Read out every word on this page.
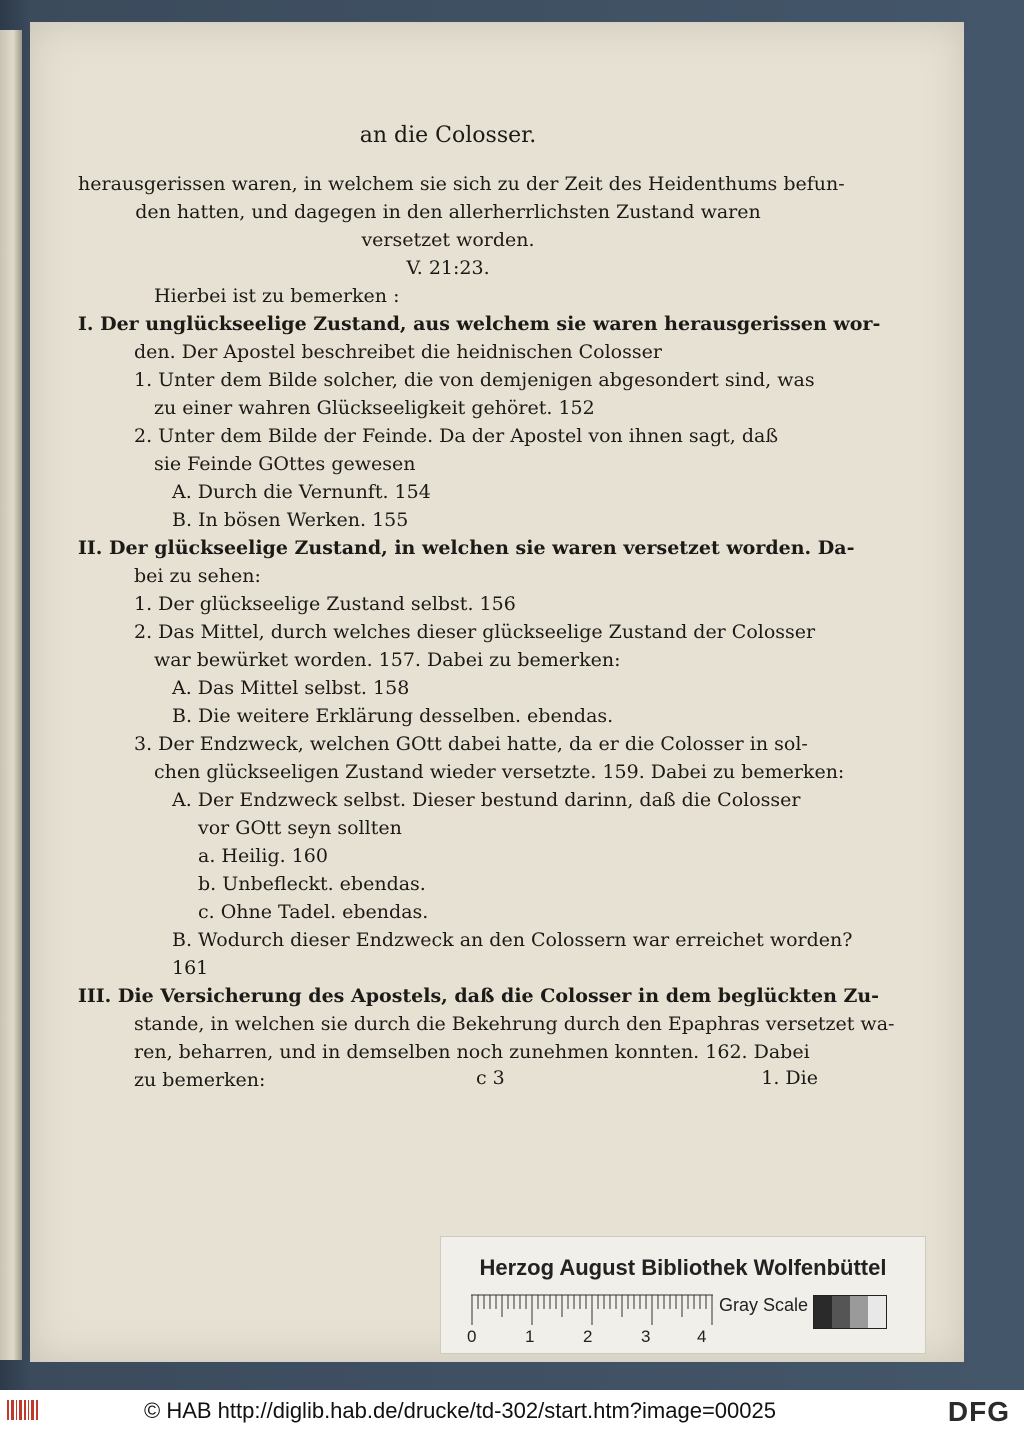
an die Colosser.
herausgerissen waren, in welchem sie sich zu der Zeit des Heidenthums befun-
den hatten, und dagegen in den allerherrlichsten Zustand waren
versetzet worden.
V. 21:23.
Hierbei ist zu bemerken :
I. Der unglückseelige Zustand, aus welchem sie waren herausgerissen wor-
den. Der Apostel beschreibet die heidnischen Colosser
1. Unter dem Bilde solcher, die von demjenigen abgesondert sind, was
zu einer wahren Glückseeligkeit gehöret. 152
2. Unter dem Bilde der Feinde. Da der Apostel von ihnen sagt, daß
sie Feinde GOttes gewesen
A. Durch die Vernunft. 154
B. In bösen Werken. 155
II. Der glückseelige Zustand, in welchen sie waren versetzet worden. Da-
bei zu sehen:
1. Der glückseelige Zustand selbst. 156
2. Das Mittel, durch welches dieser glückseelige Zustand der Colosser
war bewürket worden. 157. Dabei zu bemerken:
A. Das Mittel selbst. 158
B. Die weitere Erklärung desselben. ebendas.
3. Der Endzweck, welchen GOtt dabei hatte, da er die Colosser in sol-
chen glückseeligen Zustand wieder versetzte. 159. Dabei zu bemerken:
A. Der Endzweck selbst. Dieser bestund darinn, daß die Colosser
vor GOtt seyn sollten
a. Heilig. 160
b. Unbefleckt. ebendas.
c. Ohne Tadel. ebendas.
B. Wodurch dieser Endzweck an den Colossern war erreichet worden?
161
III. Die Versicherung des Apostels, daß die Colosser in dem beglückten Zu-
stande, in welchen sie durch die Bekehrung durch den Epaphras versetzet wa-
ren, beharren, und in demselben noch zunehmen konnten. 162. Dabei
zu bemerken:	c 3	1. Die
Herzog August Bibliothek Wolfenbüttel
0	1	2	3	4
Gray Scale
© HAB http://diglib.hab.de/drucke/td-302/start.htm?image=00025	DFG
